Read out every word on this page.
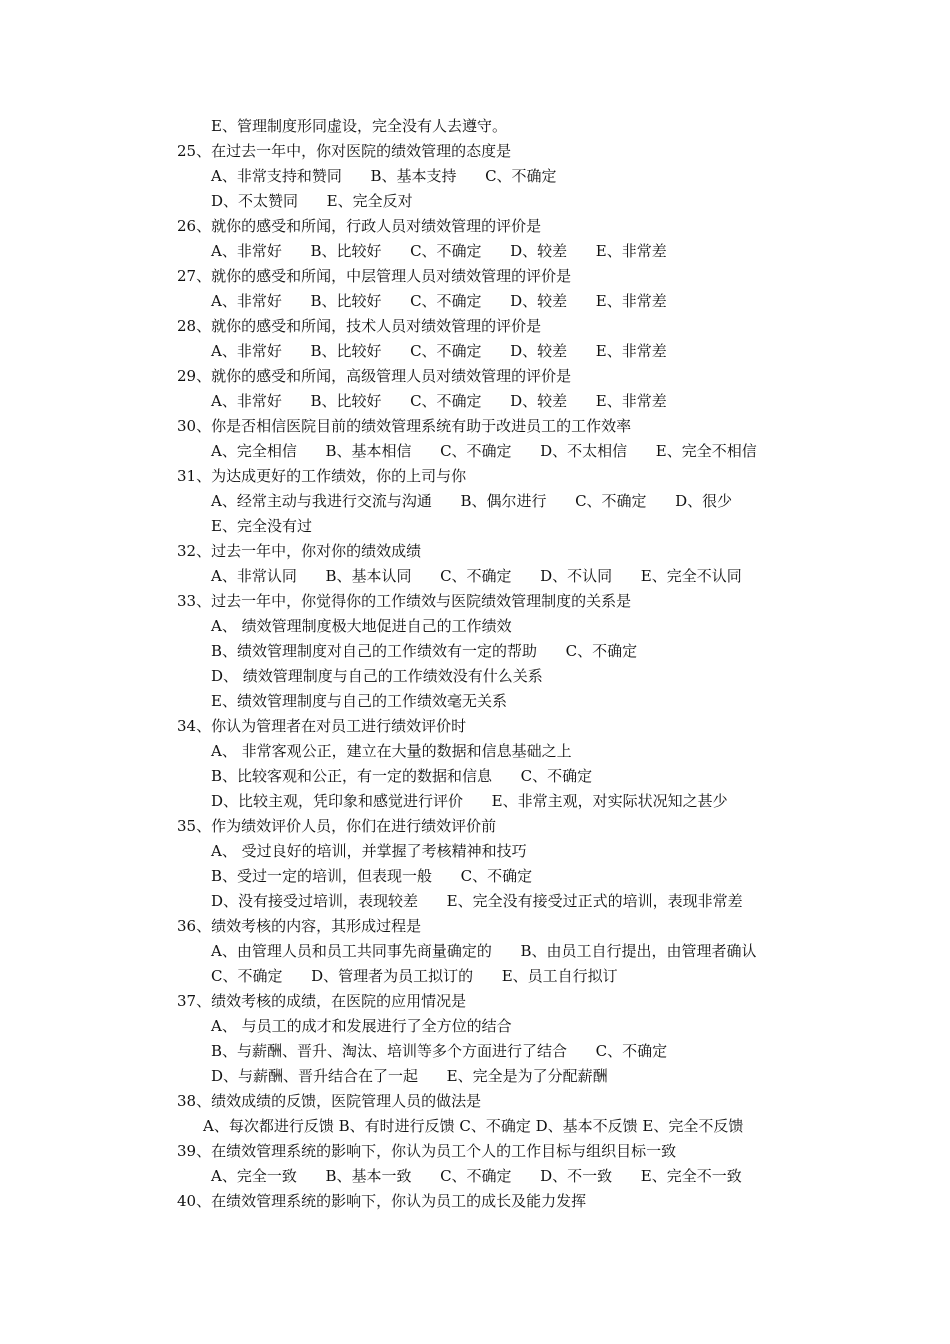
E、管理制度形同虚设，完全没有人去遵守。
25、在过去一年中，你对医院的绩效管理的态度是
A、非常支持和赞同      B、基本支持      C、不确定
D、不太赞同      E、完全反对
26、就你的感受和所闻，行政人员对绩效管理的评价是
A、非常好      B、比较好      C、不确定      D、较差      E、非常差
27、就你的感受和所闻，中层管理人员对绩效管理的评价是
A、非常好      B、比较好      C、不确定      D、较差      E、非常差
28、就你的感受和所闻，技术人员对绩效管理的评价是
A、非常好      B、比较好      C、不确定      D、较差      E、非常差
29、就你的感受和所闻，高级管理人员对绩效管理的评价是
A、非常好      B、比较好      C、不确定      D、较差      E、非常差
30、你是否相信医院目前的绩效管理系统有助于改进员工的工作效率
A、完全相信      B、基本相信      C、不确定      D、不太相信      E、完全不相信
31、为达成更好的工作绩效，你的上司与你
A、经常主动与我进行交流与沟通      B、偶尔进行      C、不确定      D、很少
E、完全没有过
32、过去一年中，你对你的绩效成绩
A、非常认同      B、基本认同      C、不确定      D、不认同      E、完全不认同
33、过去一年中，你觉得你的工作绩效与医院绩效管理制度的关系是
A、 绩效管理制度极大地促进自己的工作绩效
B、绩效管理制度对自己的工作绩效有一定的帮助      C、不确定
D、 绩效管理制度与自己的工作绩效没有什么关系
E、绩效管理制度与自己的工作绩效毫无关系
34、你认为管理者在对员工进行绩效评价时
A、 非常客观公正，建立在大量的数据和信息基础之上
B、比较客观和公正，有一定的数据和信息      C、不确定
D、比较主观，凭印象和感觉进行评价      E、非常主观，对实际状况知之甚少
35、作为绩效评价人员，你们在进行绩效评价前
A、 受过良好的培训，并掌握了考核精神和技巧
B、受过一定的培训，但表现一般      C、不确定
D、没有接受过培训，表现较差      E、完全没有接受过正式的培训，表现非常差
36、绩效考核的内容，其形成过程是
A、由管理人员和员工共同事先商量确定的      B、由员工自行提出，由管理者确认
C、不确定      D、管理者为员工拟订的      E、员工自行拟订
37、绩效考核的成绩，在医院的应用情况是
A、 与员工的成才和发展进行了全方位的结合
B、与薪酬、晋升、淘汰、培训等多个方面进行了结合      C、不确定
D、与薪酬、晋升结合在了一起      E、完全是为了分配薪酬
38、绩效成绩的反馈，医院管理人员的做法是
A、每次都进行反馈 B、有时进行反馈 C、不确定 D、基本不反馈 E、完全不反馈
39、在绩效管理系统的影响下，你认为员工个人的工作目标与组织目标一致
A、完全一致      B、基本一致      C、不确定      D、不一致      E、完全不一致
40、在绩效管理系统的影响下，你认为员工的成长及能力发挥
